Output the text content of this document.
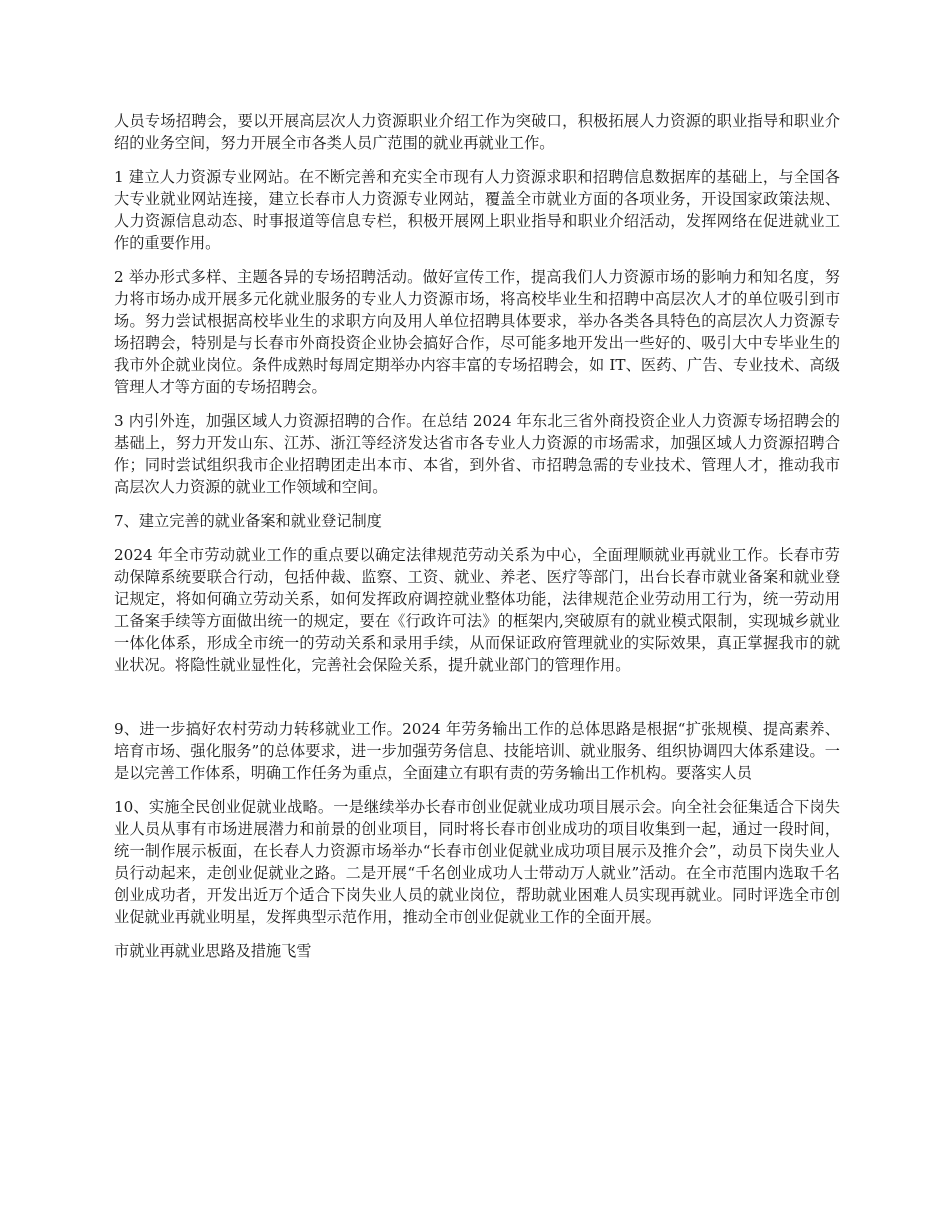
人员专场招聘会，要以开展高层次人力资源职业介绍工作为突破口，积极拓展人力资源的职业指导和职业介绍的业务空间，努力开展全市各类人员广范围的就业再就业工作。

1 建立人力资源专业网站。在不断完善和充实全市现有人力资源求职和招聘信息数据库的基础上，与全国各大专业就业网站连接，建立长春市人力资源专业网站，覆盖全市就业方面的各项业务，开设国家政策法规、人力资源信息动态、时事报道等信息专栏，积极开展网上职业指导和职业介绍活动，发挥网络在促进就业工作的重要作用。

2 举办形式多样、主题各异的专场招聘活动。做好宣传工作，提高我们人力资源市场的影响力和知名度，努力将市场办成开展多元化就业服务的专业人力资源市场，将高校毕业生和招聘中高层次人才的单位吸引到市场。努力尝试根据高校毕业生的求职方向及用人单位招聘具体要求，举办各类各具特色的高层次人力资源专场招聘会，特别是与长春市外商投资企业协会搞好合作，尽可能多地开发出一些好的、吸引大中专毕业生的我市外企就业岗位。条件成熟时每周定期举办内容丰富的专场招聘会，如 IT、医药、广告、专业技术、高级管理人才等方面的专场招聘会。

3 内引外连，加强区域人力资源招聘的合作。在总结 2024 年东北三省外商投资企业人力资源专场招聘会的基础上，努力开发山东、江苏、浙江等经济发达省市各专业人力资源的市场需求，加强区域人力资源招聘合作；同时尝试组织我市企业招聘团走出本市、本省，到外省、市招聘急需的专业技术、管理人才，推动我市高层次人力资源的就业工作领域和空间。

7、建立完善的就业备案和就业登记制度

2024 年全市劳动就业工作的重点要以确定法律规范劳动关系为中心，全面理顺就业再就业工作。长春市劳动保障系统要联合行动，包括仲裁、监察、工资、就业、养老、医疗等部门，出台长春市就业备案和就业登记规定，将如何确立劳动关系，如何发挥政府调控就业整体功能，法律规范企业劳动用工行为，统一劳动用工备案手续等方面做出统一的规定，要在《行政许可法》的框架内,突破原有的就业模式限制，实现城乡就业一体化体系，形成全市统一的劳动关系和录用手续，从而保证政府管理就业的实际效果，真正掌握我市的就业状况。将隐性就业显性化，完善社会保险关系，提升就业部门的管理作用。

9、进一步搞好农村劳动力转移就业工作。2024 年劳务输出工作的总体思路是根据“扩张规模、提高素养、培育市场、强化服务”的总体要求，进一步加强劳务信息、技能培训、就业服务、组织协调四大体系建设。一是以完善工作体系，明确工作任务为重点，全面建立有职有责的劳务输出工作机构。要落实人员

10、实施全民创业促就业战略。一是继续举办长春市创业促就业成功项目展示会。向全社会征集适合下岗失业人员从事有市场进展潜力和前景的创业项目，同时将长春市创业成功的项目收集到一起，通过一段时间，统一制作展示板面，在长春人力资源市场举办“长春市创业促就业成功项目展示及推介会”，动员下岗失业人员行动起来，走创业促就业之路。二是开展“千名创业成功人士带动万人就业”活动。在全市范围内选取千名创业成功者，开发出近万个适合下岗失业人员的就业岗位，帮助就业困难人员实现再就业。同时评选全市创业促就业再就业明星，发挥典型示范作用，推动全市创业促就业工作的全面开展。

市就业再就业思路及措施飞雪
